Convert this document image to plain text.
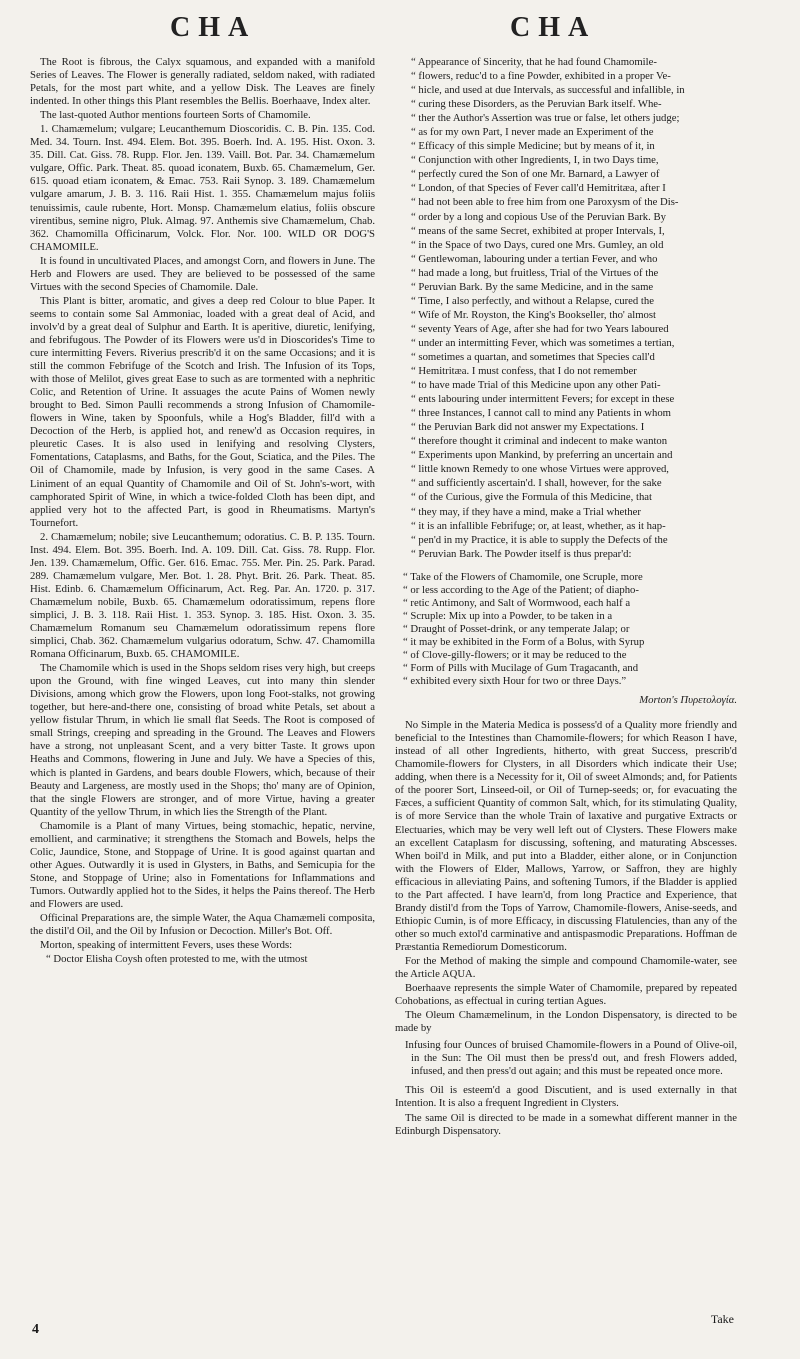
CHA	CHA

The Root is fibrous, the Calyx squamous, and expanded with a manifold Series of Leaves. The Flower is generally radiated, seldom naked, with radiated Petals, for the most part white, and a yellow Disk. The Leaves are finely indented. In other things this Plant resembles the Bellis. Boerhaave, Index alter.

The last-quoted Author mentions fourteen Sorts of Chamomile.

1. Chamæmelum; vulgare; Leucanthemum Dioscoridis. C. B. Pin. 135. Cod. Med. 34. Tourn. Inst. 494. Elem. Bot. 395. Boerh. Ind. A. 195. Hist. Oxon. 3. 35. Dill. Cat. Giss. 78. Rupp. Flor. Jen. 139. Vaill. Bot. Par. 34. Chamæmelum vulgare, Offic. Park. Theat. 85. quoad iconatem, Buxb. 65. Chamæmelum, Ger. 615. quoad etiam iconatem, & Emac. 753. Raii Synop. 3. 189. Chamæmelum vulgare amarum, J. B. 3. 116. Raii Hist. 1. 355. Chamæmelum majus foliis tenuissimis, caule rubente, Hort. Monsp. Chamæmelum elatius, foliis obscure virentibus, semine nigro, Pluk. Almag. 97. Anthemis sive Chamæmelum, Chab. 362. Chamomilla Officinarum, Volck. Flor. Nor. 100. WILD OR DOG'S CHAMOMILE.

It is found in uncultivated Places, and amongst Corn, and flowers in June. The Herb and Flowers are used. They are believed to be possessed of the same Virtues with the second Species of Chamomile. Dale.

This Plant is bitter, aromatic, and gives a deep red Colour to blue Paper. It seems to contain some Sal Ammoniac, loaded with a great deal of Acid, and involv'd by a great deal of Sulphur and Earth. It is aperitive, diuretic, lenifying, and febrifugous. The Powder of its Flowers were us'd in Dioscorides's Time to cure intermitting Fevers. Riverius prescrib'd it on the same Occasions; and it is still the common Febrifuge of the Scotch and Irish. The Infusion of its Tops, with those of Melilot, gives great Ease to such as are tormented with a nephritic Colic, and Retention of Urine. It assuages the acute Pains of Women newly brought to Bed. Simon Paulli recommends a strong Infusion of Chamomile-flowers in Wine, taken by Spoonfuls, while a Hog's Bladder, fill'd with a Decoction of the Herb, is applied hot, and renew'd as Occasion requires, in pleuretic Cases. It is also used in lenifying and resolving Clysters, Fomentations, Cataplasms, and Baths, for the Gout, Sciatica, and the Piles. The Oil of Chamomile, made by Infusion, is very good in the same Cases. A Liniment of an equal Quantity of Chamomile and Oil of St. John's-wort, with camphorated Spirit of Wine, in which a twice-folded Cloth has been dipt, and applied very hot to the affected Part, is good in Rheumatisms. Martyn's Tournefort.

2. Chamæmelum; nobile; sive Leucanthemum; odoratius. C. B. P. 135. Tourn. Inst. 494. Elem. Bot. 395. Boerh. Ind. A. 109. Dill. Cat. Giss. 78. Rupp. Flor. Jen. 139. Chamæmelum, Offic. Ger. 616. Emac. 755. Mer. Pin. 25. Park. Parad. 289. Chamæmelum vulgare, Mer. Bot. 1. 28. Phyt. Brit. 26. Park. Theat. 85. Hist. Edinb. 6. Chamæmelum Officinarum, Act. Reg. Par. An. 1720. p. 317. Chamæmelum nobile, Buxb. 65. Chamæmelum odoratissimum, repens flore simplici, J. B. 3. 118. Raii Hist. 1. 353. Synop. 3. 185. Hist. Oxon. 3. 35. Chamæmelum Romanum seu Chamæmelum odoratissimum repens flore simplici, Chab. 362. Chamæmelum vulgarius odoratum, Schw. 47. Chamomilla Romana Officinarum, Buxb. 65. CHAMOMILE.

The Chamomile which is used in the Shops seldom rises very high, but creeps upon the Ground, with fine winged Leaves, cut into many thin slender Divisions, among which grow the Flowers, upon long Foot-stalks, not growing together, but here-and-there one, consisting of broad white Petals, set about a yellow fistular Thrum, in which lie small flat Seeds. The Root is composed of small Strings, creeping and spreading in the Ground. The Leaves and Flowers have a strong, not unpleasant Scent, and a very bitter Taste. It grows upon Heaths and Commons, flowering in June and July. We have a Species of this, which is planted in Gardens, and bears double Flowers, which, because of their Beauty and Largeness, are mostly used in the Shops; tho' many are of Opinion, that the single Flowers are stronger, and of more Virtue, having a greater Quantity of the yellow Thrum, in which lies the Strength of the Plant.

Chamomile is a Plant of many Virtues, being stomachic, hepatic, nervine, emollient, and carminative; it strengthens the Stomach and Bowels, helps the Colic, Jaundice, Stone, and Stoppage of Urine. It is good against quartan and other Agues. Outwardly it is used in Glysters, in Baths, and Semicupia for the Stone, and Stoppage of Urine; also in Fomentations for Inflammations and Tumors. Outwardly applied hot to the Sides, it helps the Pains thereof. The Herb and Flowers are used.

Officinal Preparations are, the simple Water, the Aqua Chamæmeli composita, the distil'd Oil, and the Oil by Infusion or Decoction. Miller's Bot. Off.

Morton, speaking of intermittent Fevers, uses these Words:

“ Doctor Elisha Coysh often protested to me, with the utmost

“ Appearance of Sincerity, that he had found Chamomile-

“ flowers, reduc'd to a fine Powder, exhibited in a proper Ve-

“ hicle, and used at due Intervals, as successful and infallible, in

“ curing these Disorders, as the Peruvian Bark itself. Whe-

“ ther the Author's Assertion was true or false, let others judge;

“ as for my own Part, I never made an Experiment of the

“ Efficacy of this simple Medicine; but by means of it, in

“ Conjunction with other Ingredients, I, in two Days time,

“ perfectly cured the Son of one Mr. Barnard, a Lawyer of

“ London, of that Species of Fever call'd Hemitritæa, after I

“ had not been able to free him from one Paroxysm of the Dis-

“ order by a long and copious Use of the Peruvian Bark. By

“ means of the same Secret, exhibited at proper Intervals, I,

“ in the Space of two Days, cured one Mrs. Gumley, an old

“ Gentlewoman, labouring under a tertian Fever, and who

“ had made a long, but fruitless, Trial of the Virtues of the

“ Peruvian Bark. By the same Medicine, and in the same

“ Time, I also perfectly, and without a Relapse, cured the

“ Wife of Mr. Royston, the King's Bookseller, tho' almost

“ seventy Years of Age, after she had for two Years laboured

“ under an intermitting Fever, which was sometimes a tertian,

“ sometimes a quartan, and sometimes that Species call'd

“ Hemitritæa. I must confess, that I do not remember

“ to have made Trial of this Medicine upon any other Pati-

“ ents labouring under intermittent Fevers; for except in these

“ three Instances, I cannot call to mind any Patients in whom

“ the Peruvian Bark did not answer my Expectations. I

“ therefore thought it criminal and indecent to make wanton

“ Experiments upon Mankind, by preferring an uncertain and

“ little known Remedy to one whose Virtues were approved,

“ and sufficiently ascertain'd. I shall, however, for the sake

“ of the Curious, give the Formula of this Medicine, that

“ they may, if they have a mind, make a Trial whether

“ it is an infallible Febrifuge; or, at least, whether, as it hap-

“ pen'd in my Practice, it is able to supply the Defects of the

“ Peruvian Bark. The Powder itself is thus prepar'd:

“ Take of the Flowers of Chamomile, one Scruple, more

“ or less according to the Age of the Patient; of diapho-

“ retic Antimony, and Salt of Wormwood, each half a

“ Scruple: Mix up into a Powder, to be taken in a

“ Draught of Posset-drink, or any temperate Jalap; or

“ it may be exhibited in the Form of a Bolus, with Syrup

“ of Clove-gilly-flowers; or it may be reduced to the

“ Form of Pills with Mucilage of Gum Tragacanth, and

“ exhibited every sixth Hour for two or three Days.”

Morton's Πυρετολογία.

No Simple in the Materia Medica is possess'd of a Quality more friendly and beneficial to the Intestines than Chamomile-flowers; for which Reason I have, instead of all other Ingredients, hitherto, with great Success, prescrib'd Chamomile-flowers for Clysters, in all Disorders which indicate their Use; adding, when there is a Necessity for it, Oil of sweet Almonds; and, for Patients of the poorer Sort, Linseed-oil, or Oil of Turnep-seeds; or, for evacuating the Fæces, a sufficient Quantity of common Salt, which, for its stimulating Quality, is of more Service than the whole Train of laxative and purgative Extracts or Electuaries, which may be very well left out of Clysters. These Flowers make an excellent Cataplasm for discussing, softening, and maturating Abscesses. When boil'd in Milk, and put into a Bladder, either alone, or in Conjunction with the Flowers of Elder, Mallows, Yarrow, or Saffron, they are highly efficacious in alleviating Pains, and softening Tumors, if the Bladder is applied to the Part affected. I have learn'd, from long Practice and Experience, that Brandy distil'd from the Tops of Yarrow, Chamomile-flowers, Anise-seeds, and Ethiopic Cumin, is of more Efficacy, in discussing Flatulencies, than any of the other so much extol'd carminative and antispasmodic Preparations. Hoffman de Præstantia Remediorum Domesticorum.

For the Method of making the simple and compound Chamomile-water, see the Article AQUA.

Boerhaave represents the simple Water of Chamomile, prepared by repeated Cohobations, as effectual in curing tertian Agues.

The Oleum Chamæmelinum, in the London Dispensatory, is directed to be made by

Infusing four Ounces of bruised Chamomile-flowers in a Pound of Olive-oil, in the Sun: The Oil must then be press'd out, and fresh Flowers added, infused, and then press'd out again; and this must be repeated once more.

This Oil is esteem'd a good Discutient, and is used externally in that Intention. It is also a frequent Ingredient in Clysters.

The same Oil is directed to be made in a somewhat different manner in the Edinburgh Dispensatory.

4
Take
